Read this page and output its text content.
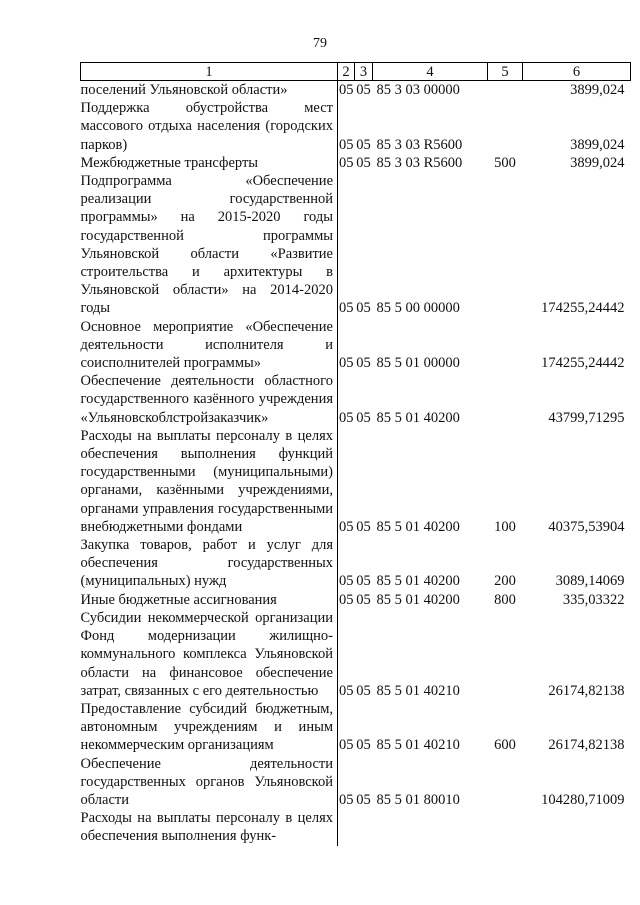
79
1	2	3	4	5	6
поселений Ульяновской области»	05	05	85 3 03 00000		3899,024
Поддержка обустройства мест массового отдыха населения (городских парков)	05	05	85 3 03 R5600		3899,024
Межбюджетные трансферты	05	05	85 3 03 R5600	500	3899,024
Подпрограмма «Обеспечение реализации государственной программы» на 2015-2020 годы государственной программы Ульяновской области «Развитие строительства и архитектуры в Ульяновской области» на 2014-2020 годы	05	05	85 5 00 00000		174255,24442
Основное мероприятие «Обеспечение деятельности исполнителя и соисполнителей программы»	05	05	85 5 01 00000		174255,24442
Обеспечение деятельности областного государственного казённого учреждения «Ульяновскоблстройзаказчик»	05	05	85 5 01 40200		43799,71295
Расходы на выплаты персоналу в целях обеспечения выполнения функций государственными (муниципальными) органами, казёнными учреждениями, органами управления государственными внебюджетными фондами	05	05	85 5 01 40200	100	40375,53904
Закупка товаров, работ и услуг для обеспечения государственных (муниципальных) нужд	05	05	85 5 01 40200	200	3089,14069
Иные бюджетные ассигнования	05	05	85 5 01 40200	800	335,03322
Субсидии некоммерческой организации Фонд модернизации жилищно-коммунального комплекса Ульяновской области на финансовое обеспечение затрат, связанных с его деятельностью	05	05	85 5 01 40210		26174,82138
Предоставление субсидий бюджетным, автономным учреждениям и иным некоммерческим организациям	05	05	85 5 01 40210	600	26174,82138
Обеспечение деятельности государственных органов Ульяновской области	05	05	85 5 01 80010		104280,71009
Расходы на выплаты персоналу в целях обеспечения выполнения функ-					
